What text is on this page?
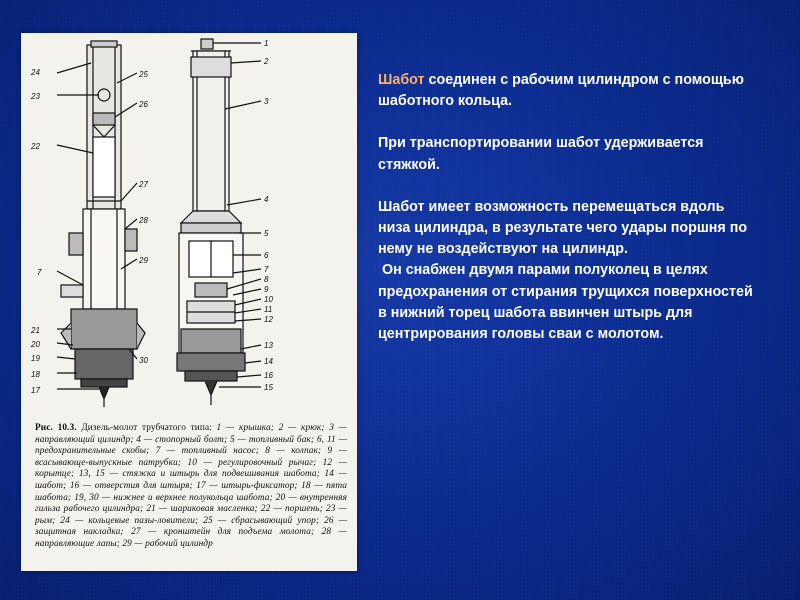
24	25
23
26
22
27
28
7
29
21
20
19
18
17
30
1
2
3
4
5
6
7
8
9
10
11
12
13
14
16
15
Рис. 10.3. Дизель-молот трубчатого типа: 1 — крышка; 2 — крюк; 3 — направляющий цилиндр; 4 — стопорный болт; 5 — топливный бак; 6, 11 — предохранительные скобы; 7 — топливный насос; 8 — колпак; 9 — всасывающе-выпускные патрубки; 10 — регулировочный рычаг; 12 — корытце; 13, 15 — стяжка и штырь для подвешивания шабота; 14 — шабот; 16 — отверстия для штыря; 17 — штырь-фиксатор; 18 — пята шабота; 19, 30 — нижнее и верхнее полукольца шабота; 20 — внутренняя гильза рабочего цилиндра; 21 — шариковая масленка; 22 — поршень; 23 — рым; 24 — кольцевые пазы-ловители; 25 — сбрасывающий упор; 26 — защитная накладка; 27 — кронштейн для подъема молота; 28 — направляющие лапы; 29 — рабочий цилиндр

Шабот соединен с рабочим цилиндром с помощью шаботного кольца.

При транспортировании шабот удерживается стяжкой.

Шабот имеет возможность перемещаться вдоль низа цилиндра, в результате чего удары поршня по нему не воздействуют на цилиндр.

Он снабжен двумя парами полуколец в целях предохранения от стирания трущихся поверхностей в нижний торец шабота ввинчен штырь для центрирования головы сваи с молотом.
